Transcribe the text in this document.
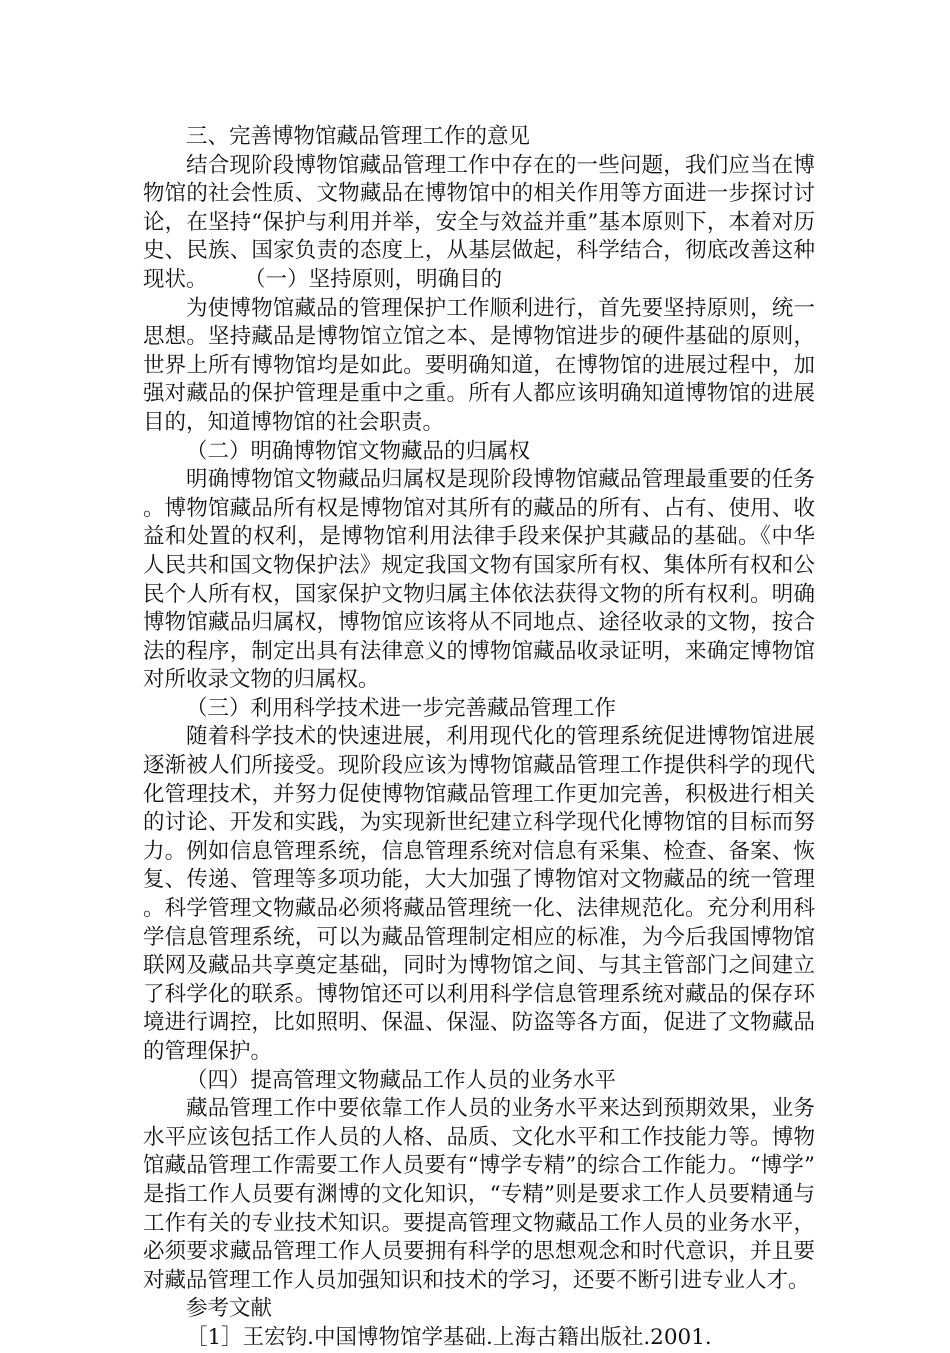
三、完善博物馆藏品管理工作的意见

结合现阶段博物馆藏品管理工作中存在的一些问题，我们应当在博物馆的社会性质、文物藏品在博物馆中的相关作用等方面进一步探讨讨论，在坚持“保护与利用并举，安全与效益并重”基本原则下，本着对历史、民族、国家负责的态度上，从基层做起，科学结合，彻底改善这种现状。 （一）坚持原则，明确目的

为使博物馆藏品的管理保护工作顺利进行，首先要坚持原则，统一思想。坚持藏品是博物馆立馆之本、是博物馆进步的硬件基础的原则，世界上所有博物馆均是如此。要明确知道，在博物馆的进展过程中，加强对藏品的保护管理是重中之重。所有人都应该明确知道博物馆的进展目的，知道博物馆的社会职责。

（二）明确博物馆文物藏品的归属权

明确博物馆文物藏品归属权是现阶段博物馆藏品管理最重要的任务。博物馆藏品所有权是博物馆对其所有的藏品的所有、占有、使用、收益和处置的权利，是博物馆利用法律手段来保护其藏品的基础。《中华人民共和国文物保护法》规定我国文物有国家所有权、集体所有权和公民个人所有权，国家保护文物归属主体依法获得文物的所有权利。明确博物馆藏品归属权，博物馆应该将从不同地点、途径收录的文物，按合法的程序，制定出具有法律意义的博物馆藏品收录证明，来确定博物馆对所收录文物的归属权。

（三）利用科学技术进一步完善藏品管理工作

随着科学技术的快速进展，利用现代化的管理系统促进博物馆进展逐渐被人们所接受。现阶段应该为博物馆藏品管理工作提供科学的现代化管理技术，并努力促使博物馆藏品管理工作更加完善，积极进行相关的讨论、开发和实践，为实现新世纪建立科学现代化博物馆的目标而努力。例如信息管理系统，信息管理系统对信息有采集、检查、备案、恢复、传递、管理等多项功能，大大加强了博物馆对文物藏品的统一管理。科学管理文物藏品必须将藏品管理统一化、法律规范化。充分利用科学信息管理系统，可以为藏品管理制定相应的标准，为今后我国博物馆联网及藏品共享奠定基础，同时为博物馆之间、与其主管部门之间建立了科学化的联系。博物馆还可以利用科学信息管理系统对藏品的保存环境进行调控，比如照明、保温、保湿、防盗等各方面，促进了文物藏品的管理保护。

（四）提高管理文物藏品工作人员的业务水平

藏品管理工作中要依靠工作人员的业务水平来达到预期效果，业务水平应该包括工作人员的人格、品质、文化水平和工作技能力等。博物馆藏品管理工作需要工作人员要有“博学专精”的综合工作能力。“博学”是指工作人员要有渊博的文化知识，“专精”则是要求工作人员要精通与工作有关的专业技术知识。要提高管理文物藏品工作人员的业务水平，必须要求藏品管理工作人员要拥有科学的思想观念和时代意识，并且要对藏品管理工作人员加强知识和技术的学习，还要不断引进专业人才。

参考文献

［1］王宏钧.中国博物馆学基础.上海古籍出版社.2001.
